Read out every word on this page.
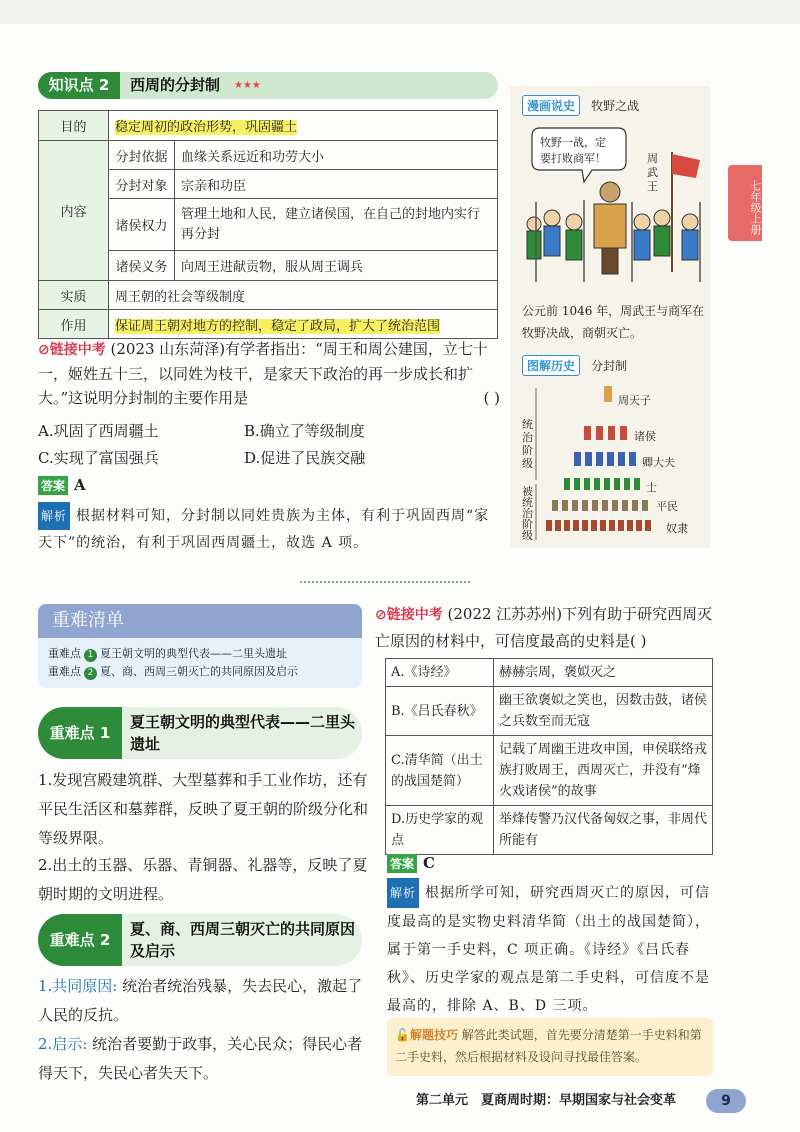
七年级上册
知识点 2	西周的分封制 ★★★
目的	稳定周初的政治形势，巩固疆土	
内容	分封依据	血缘关系远近和功劳大小
	分封对象	宗亲和功臣
	诸侯权力	管理土地和人民，建立诸侯国，在自己的封地内实行再分封
	诸侯义务	向周王进献贡物，服从周王调兵
实质	周王朝的社会等级制度	
作用	保证周王朝对地方的控制，稳定了政局，扩大了统治范围	
⊘链接中考 (2023 山东菏泽)有学者指出：“周王和周公建国，立七十一，姬姓五十三，以同姓为枝干，是家天下政治的再一步成长和扩大。”这说明分封制的主要作用是	( )
A.巩固了西周疆土	B.确立了等级制度
C.实现了富国强兵	D.促进了民族交融
答案 A
解析 根据材料可知，分封制以同姓贵族为主体，有利于巩固西周“家天下”的统治，有利于巩固西周疆土，故选 A 项。
漫画说史 牧野之战
牧野一战，定
要打败商军！	周
武
王
公元前 1046 年，周武王与商军在牧野决战，商朝灭亡。
图解历史 分封制
统治阶级
被统治阶级
周天子
诸侯
卿大夫
士
平民
奴隶
重难清单
重难点 1 夏王朝文明的典型代表——二里头遗址
重难点 2 夏、商、西周三朝灭亡的共同原因及启示
重难点 1
夏王朝文明的典型代表——二里头遗址
1.发现宫殿建筑群、大型墓葬和手工业作坊，还有平民生活区和墓葬群，反映了夏王朝的阶级分化和等级界限。
2.出土的玉器、乐器、青铜器、礼器等，反映了夏朝时期的文明进程。
重难点 2
夏、商、西周三朝灭亡的共同原因及启示
1.共同原因: 统治者统治残暴，失去民心，激起了人民的反抗。
2.启示: 统治者要勤于政事，关心民众；得民心者得天下，失民心者失天下。
⊘链接中考 (2022 江苏苏州)下列有助于研究西周灭亡原因的材料中，可信度最高的史料是( )
A.《诗经》	赫赫宗周，褒姒灭之
B.《吕氏春秋》	幽王欲褒姒之笑也，因数击鼓，诸侯之兵数至而无寇
C.清华简（出土的战国楚简）	记载了周幽王进攻申国，申侯联络戎族打败周王，西周灭亡，并没有“烽火戏诸侯”的故事
D.历史学家的观点	举烽传警乃汉代备匈奴之事，非周代所能有
答案 C
解析 根据所学可知，研究西周灭亡的原因，可信度最高的是实物史料清华简（出土的战国楚简），属于第一手史料，C 项正确。《诗经》《吕氏春秋》、历史学家的观点是第二手史料，可信度不是最高的，排除 A、B、D 三项。
🔓解题技巧 解答此类试题，首先要分清楚第一手史料和第二手史料，然后根据材料及设问寻找最佳答案。
第二单元　夏商周时期：早期国家与社会变革	9
